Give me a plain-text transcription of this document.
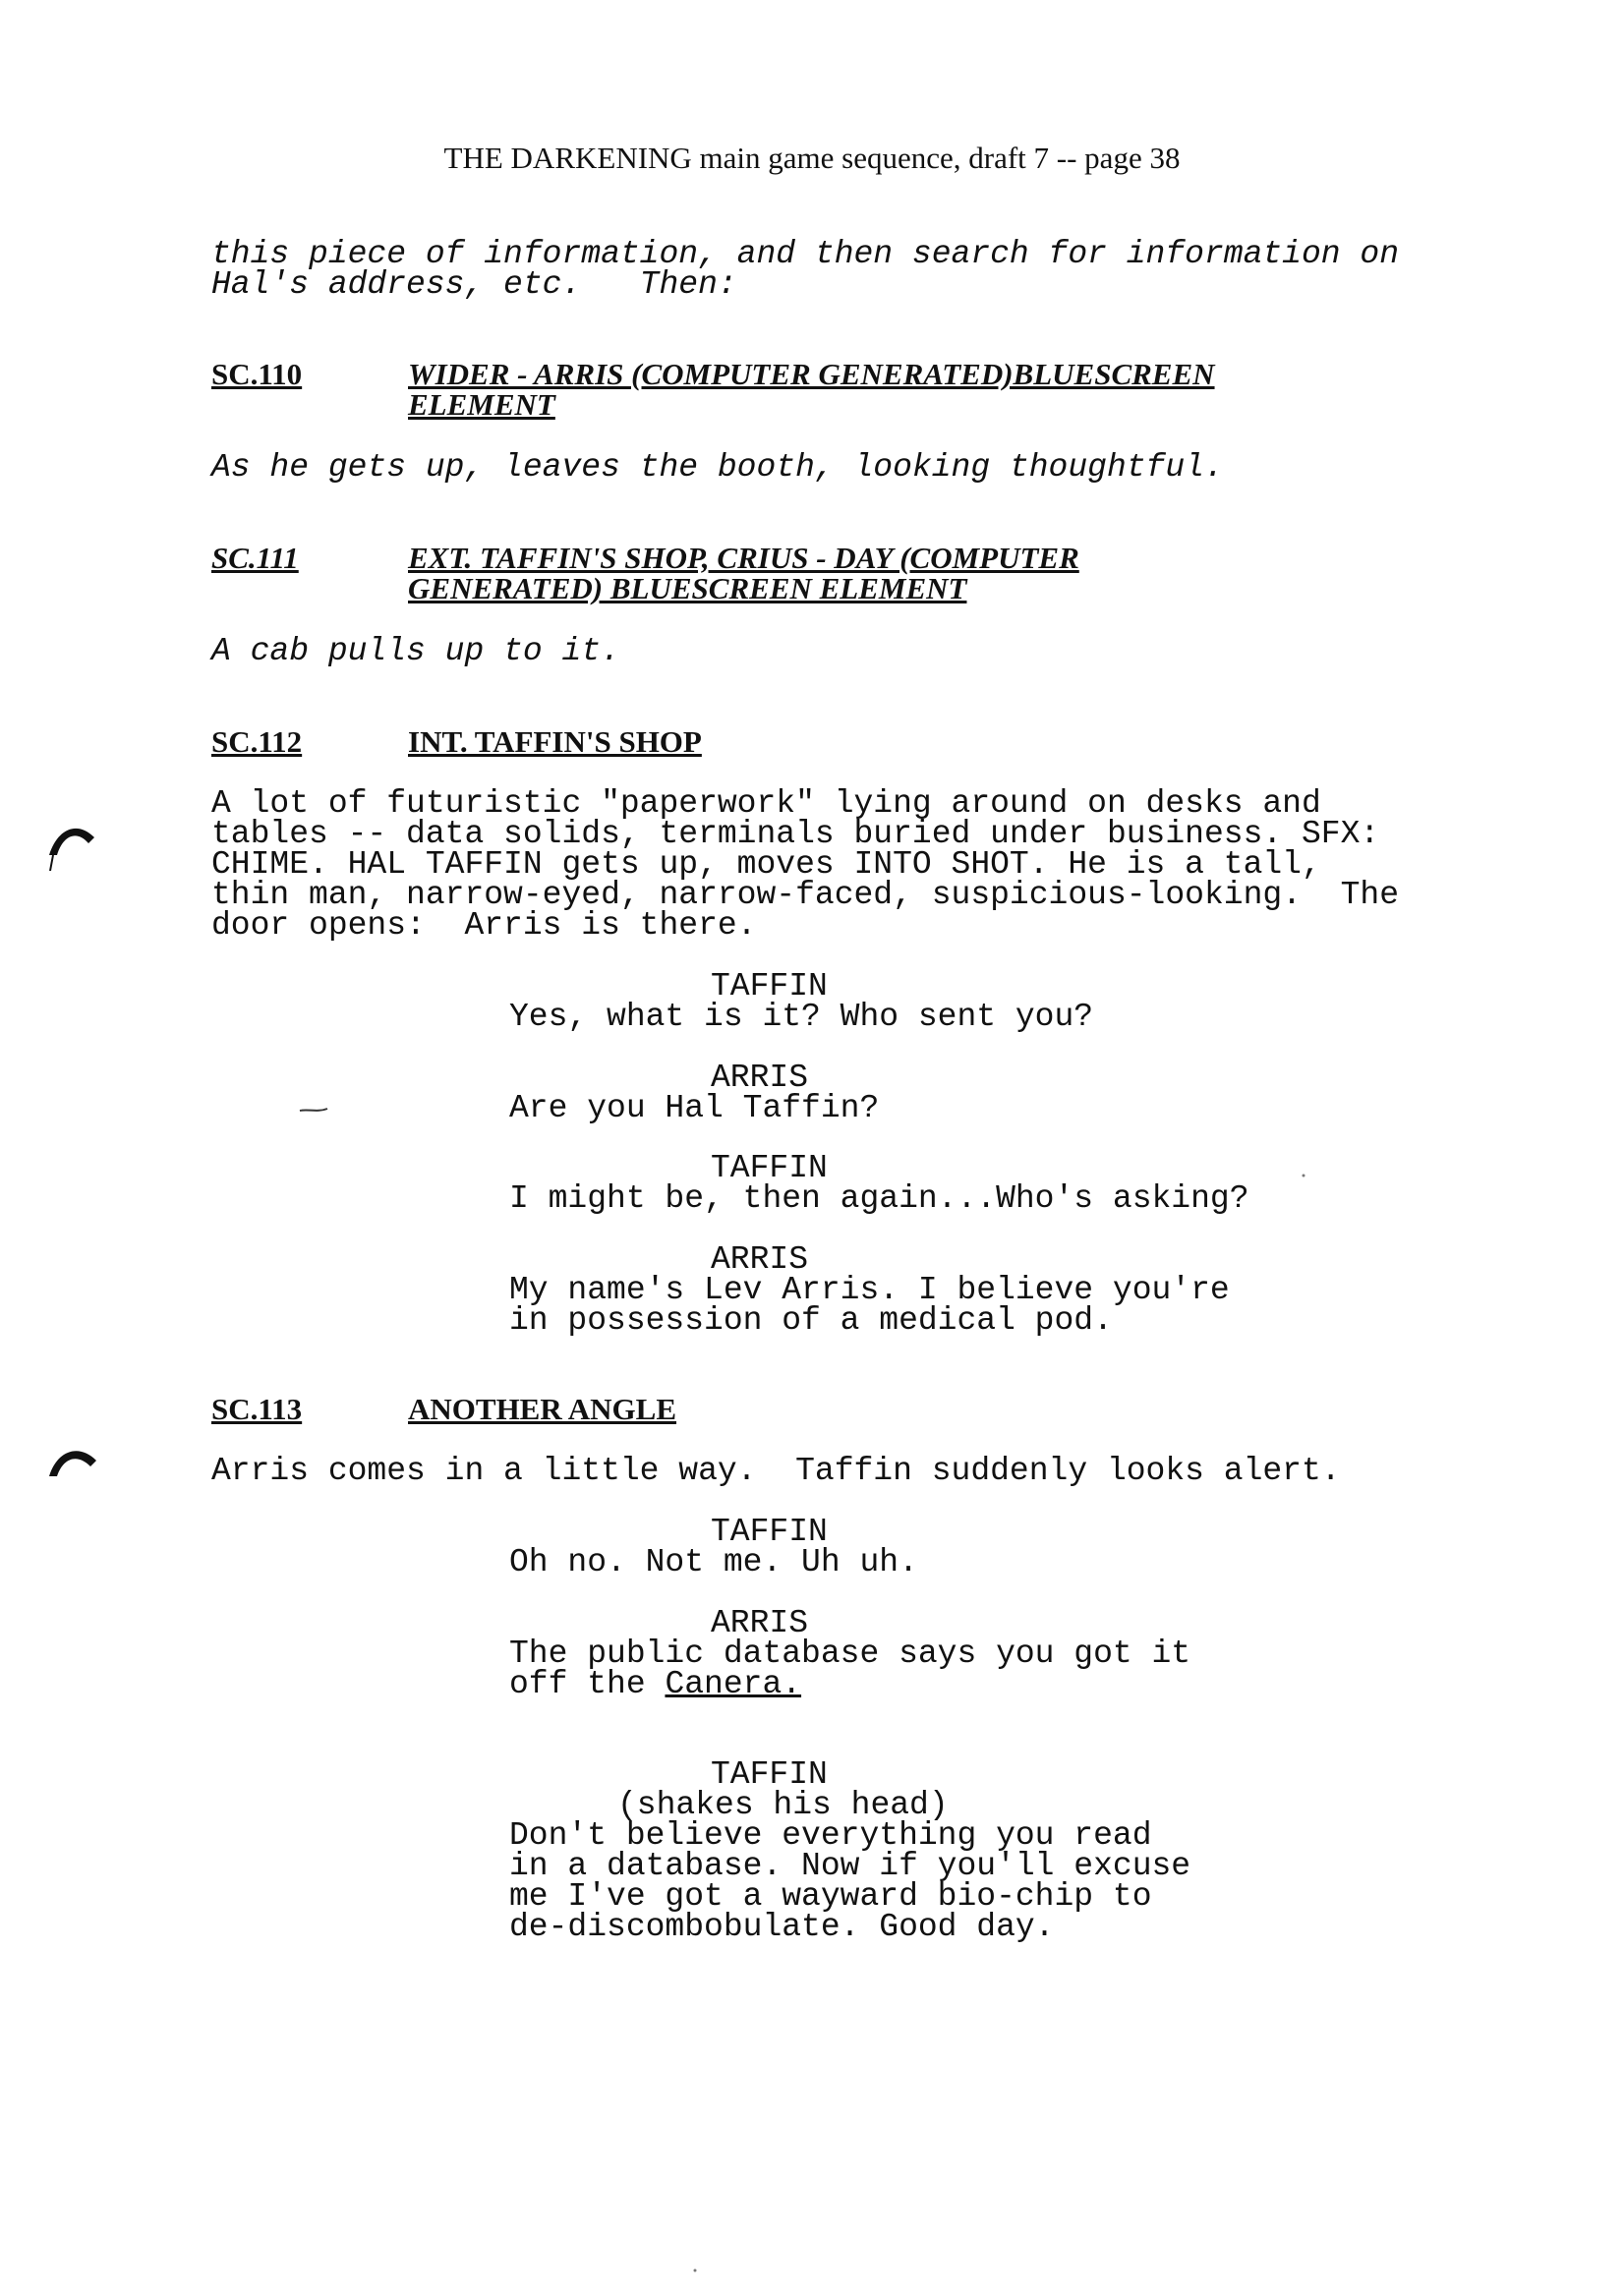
THE DARKENING main game sequence, draft 7 -- page 38
this piece of information, and then search for information on
Hal's address, etc.   Then:
SC.110	WIDER - ARRIS (COMPUTER GENERATED)BLUESCREEN
ELEMENT
As he gets up, leaves the booth, looking thoughtful.
SC.111	EXT. TAFFIN'S SHOP, CRIUS - DAY (COMPUTER
GENERATED) BLUESCREEN ELEMENT
A cab pulls up to it.
SC.112	INT. TAFFIN'S SHOP
A lot of futuristic "paperwork" lying around on desks and
tables -- data solids, terminals buried under business. SFX:
CHIME. HAL TAFFIN gets up, moves INTO SHOT. He is a tall,
thin man, narrow-eyed, narrow-faced, suspicious-looking.  The
door opens:  Arris is there.
TAFFIN
Yes, what is it? Who sent you?
ARRIS
Are you Hal Taffin?
TAFFIN
I might be, then again...Who's asking?
ARRIS
My name's Lev Arris. I believe you're
in possession of a medical pod.
SC.113	ANOTHER ANGLE
Arris comes in a little way.  Taffin suddenly looks alert.
TAFFIN
Oh no. Not me. Uh uh.
ARRIS
The public database says you got it
off the Canera.
TAFFIN
(shakes his head)
Don't believe everything you read
in a database. Now if you'll excuse
me I've got a wayward bio-chip to
de-discombobulate. Good day.
